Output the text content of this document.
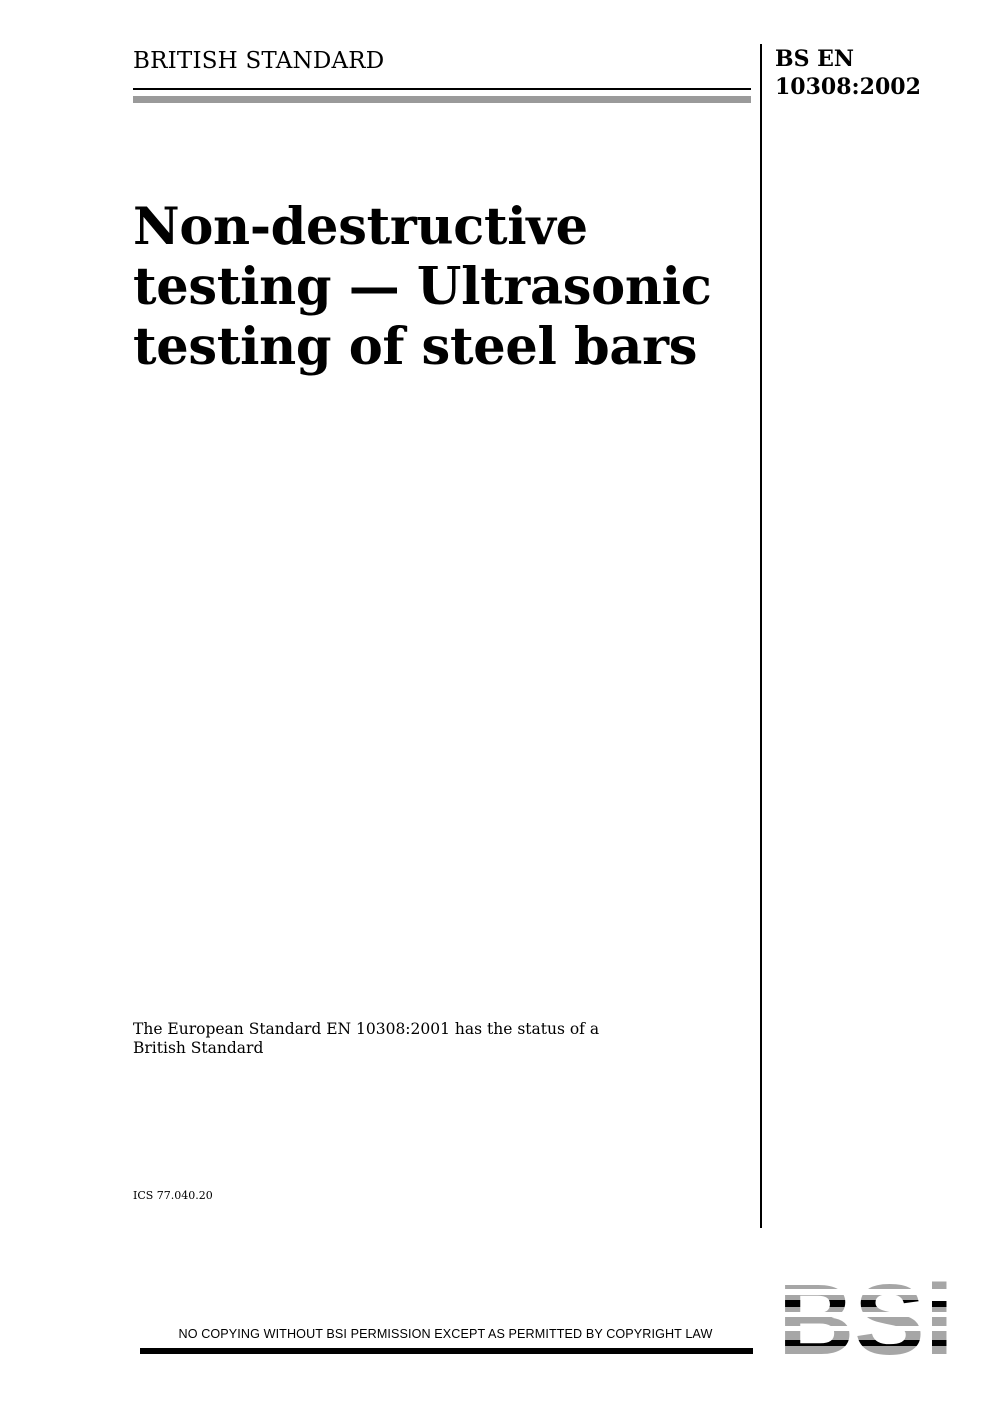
BRITISH STANDARD	BS EN
10308:2002
Non-destructive
testing — Ultrasonic
testing of steel bars
The European Standard EN 10308:2001 has the status of a
British Standard
ICS 77.040.20
NO COPYING WITHOUT BSI PERMISSION EXCEPT AS PERMITTED BY COPYRIGHT LAW
